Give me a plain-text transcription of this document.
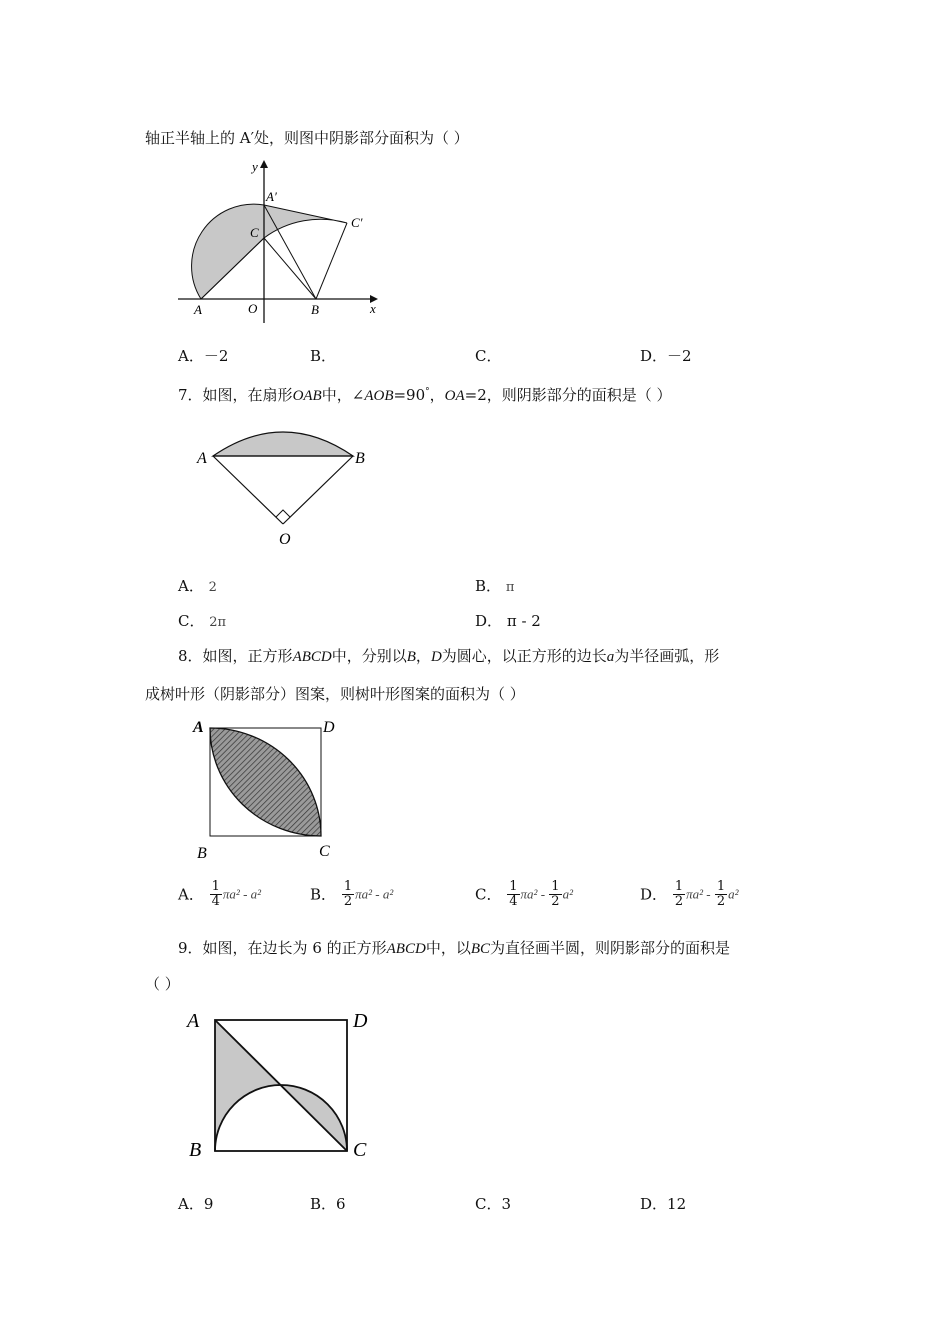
轴正半轴上的 A′处，则图中阴影部分面积为（ ）
y
x
A′
C′
C
A	O	B
A．－2	B．	C．	D．－2
7．如图，在扇形OAB中，∠AOB=90°，OA=2，则阴影部分的面积是（ ）
A	B
O
A． 2	B． π
C． 2π	D． π - 2
8．如图，正方形ABCD中，分别以B，D为圆心，以正方形的边长a为半径画弧，形
成树叶形（阴影部分）图案，则树叶形图案的面积为（ ）
A	D
B	C
A． $\frac{1}{4} \pi a^2 - a^2$	B． $\frac{1}{2} \pi a^2 - a^2$	C． $\frac{1}{4} \pi a^2 - \frac{1}{2} a^2$	D． $\frac{1}{2} \pi a^2 - \frac{1}{2} a^2$
9．如图，在边长为 6 的正方形ABCD中，以BC为直径画半圆，则阴影部分的面积是
（ ）
A	D
B	C
A．9	B．6	C．3	D．12
